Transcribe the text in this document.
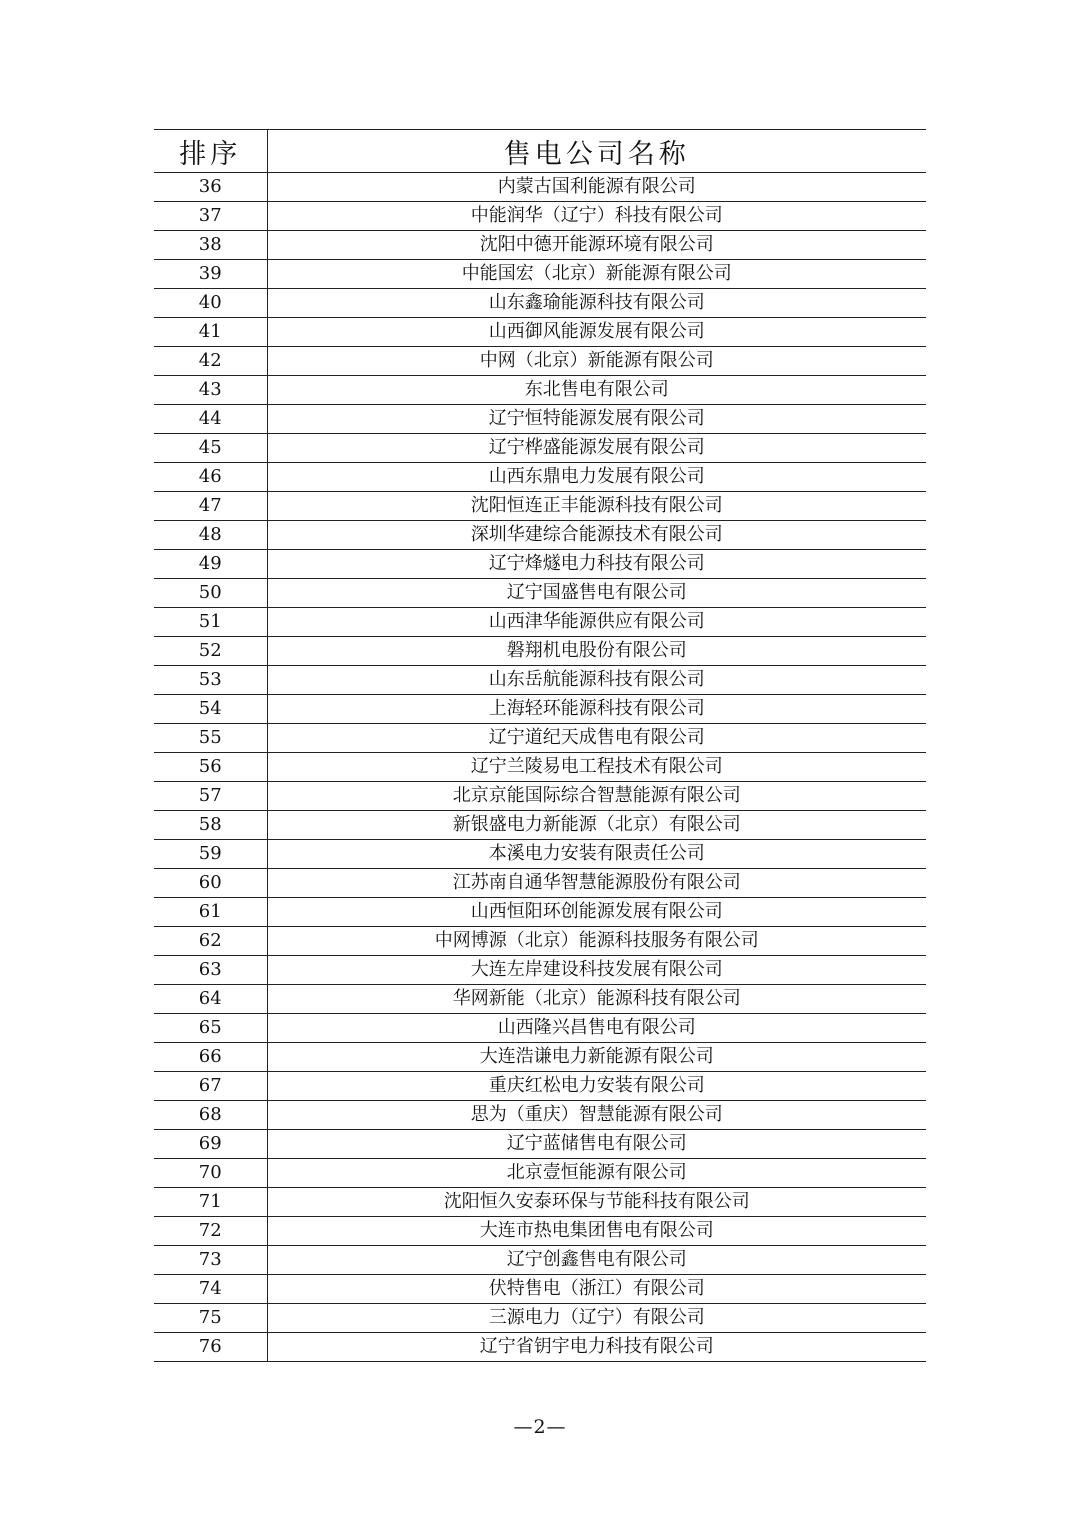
排序	售电公司名称
36	内蒙古国利能源有限公司
37	中能润华（辽宁）科技有限公司
38	沈阳中德开能源环境有限公司
39	中能国宏（北京）新能源有限公司
40	山东鑫瑜能源科技有限公司
41	山西御风能源发展有限公司
42	中网（北京）新能源有限公司
43	东北售电有限公司
44	辽宁恒特能源发展有限公司
45	辽宁桦盛能源发展有限公司
46	山西东鼎电力发展有限公司
47	沈阳恒连正丰能源科技有限公司
48	深圳华建综合能源技术有限公司
49	辽宁烽燧电力科技有限公司
50	辽宁国盛售电有限公司
51	山西津华能源供应有限公司
52	磐翔机电股份有限公司
53	山东岳航能源科技有限公司
54	上海轻环能源科技有限公司
55	辽宁道纪天成售电有限公司
56	辽宁兰陵易电工程技术有限公司
57	北京京能国际综合智慧能源有限公司
58	新银盛电力新能源（北京）有限公司
59	本溪电力安装有限责任公司
60	江苏南自通华智慧能源股份有限公司
61	山西恒阳环创能源发展有限公司
62	中网博源（北京）能源科技服务有限公司
63	大连左岸建设科技发展有限公司
64	华网新能（北京）能源科技有限公司
65	山西隆兴昌售电有限公司
66	大连浩谦电力新能源有限公司
67	重庆红松电力安装有限公司
68	思为（重庆）智慧能源有限公司
69	辽宁蓝储售电有限公司
70	北京壹恒能源有限公司
71	沈阳恒久安泰环保与节能科技有限公司
72	大连市热电集团售电有限公司
73	辽宁创鑫售电有限公司
74	伏特售电（浙江）有限公司
75	三源电力（辽宁）有限公司
76	辽宁省钥宇电力科技有限公司
—2—
